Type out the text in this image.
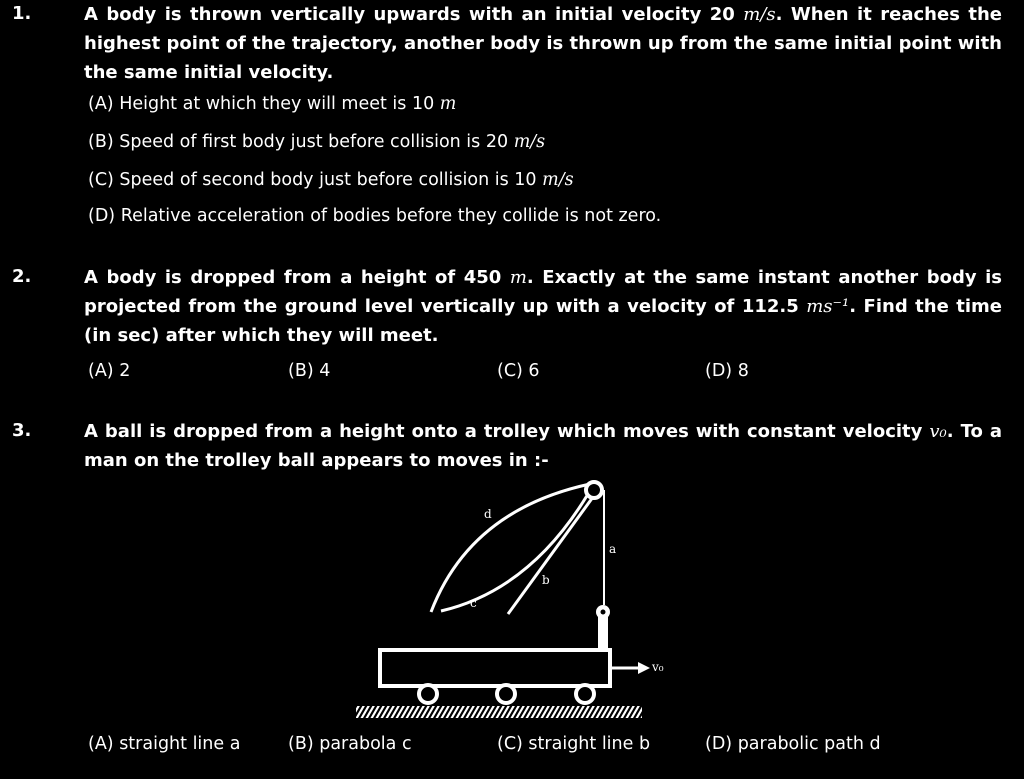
1.	A body is thrown vertically upwards with an initial velocity 20 m/s. When it reaches the highest point of the trajectory, another body is thrown up from the same initial point with the same initial velocity.
(A) Height at which they will meet is 10 m
(B) Speed of first body just before collision is 20 m/s
(C) Speed of second body just before collision is 10 m/s
(D) Relative acceleration of bodies before they collide is not zero.
2.	A body is dropped from a height of 450 m. Exactly at the same instant another body is projected from the ground level vertically up with a velocity of 112.5 ms⁻¹. Find the time (in sec) after which they will meet.
(A) 2	(B) 4	(C) 6	(D) 8
3.	A ball is dropped from a height onto a trolley which moves with constant velocity v₀. To a man on the trolley ball appears to moves in :-
v₀
d
a
b
c
(A) straight line a	(B) parabola c	(C) straight line b	(D) parabolic path d
